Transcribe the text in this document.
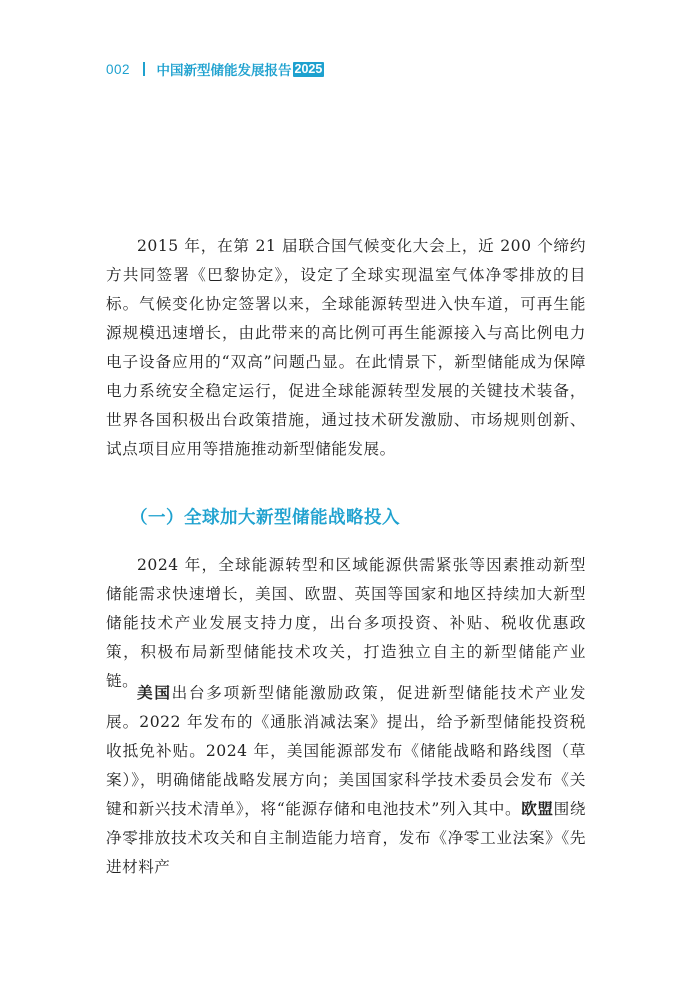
002 中国新型储能发展报告 2025

2015 年，在第 21 届联合国气候变化大会上，近 200 个缔约方共同签署《巴黎协定》，设定了全球实现温室气体净零排放的目标。气候变化协定签署以来，全球能源转型进入快车道，可再生能源规模迅速增长，由此带来的高比例可再生能源接入与高比例电力电子设备应用的“双高”问题凸显。在此情景下，新型储能成为保障电力系统安全稳定运行，促进全球能源转型发展的关键技术装备，世界各国积极出台政策措施，通过技术研发激励、市场规则创新、试点项目应用等措施推动新型储能发展。

（一）全球加大新型储能战略投入

2024 年，全球能源转型和区域能源供需紧张等因素推动新型储能需求快速增长，美国、欧盟、英国等国家和地区持续加大新型储能技术产业发展支持力度，出台多项投资、补贴、税收优惠政策，积极布局新型储能技术攻关，打造独立自主的新型储能产业链。

美国出台多项新型储能激励政策，促进新型储能技术产业发展。2022 年发布的《通胀消减法案》提出，给予新型储能投资税收抵免补贴。2024 年，美国能源部发布《储能战略和路线图（草案）》，明确储能战略发展方向；美国国家科学技术委员会发布《关键和新兴技术清单》，将“能源存储和电池技术”列入其中。欧盟围绕净零排放技术攻关和自主制造能力培育，发布《净零工业法案》《先进材料产
